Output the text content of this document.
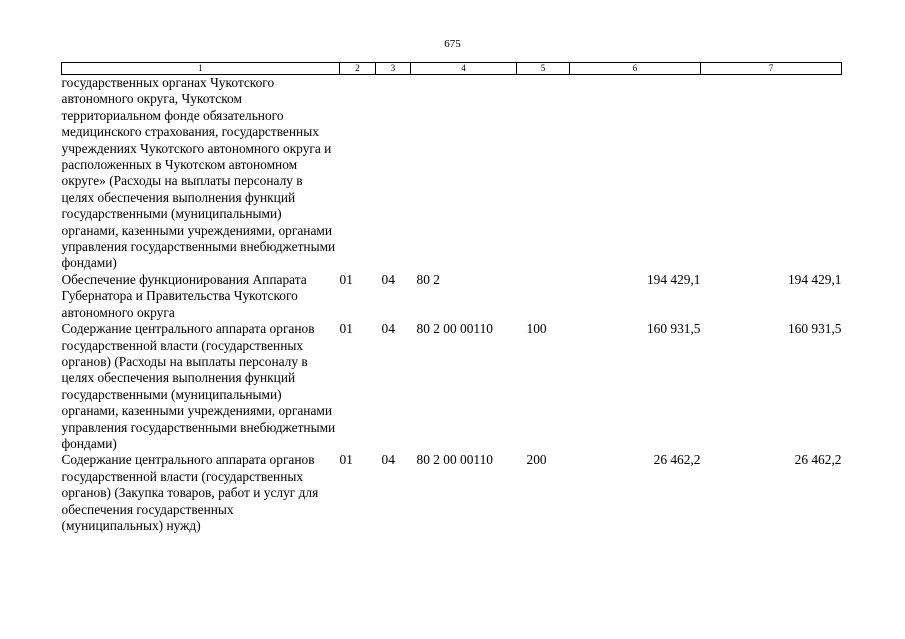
675
1	2	3	4	5	6	7
государственных органах Чукотского автономного округа, Чукотском территориальном фонде обязательного медицинского страхования, государственных учреждениях Чукотского автономного округа и расположенных в Чукотском автономном округе» (Расходы на выплаты персоналу в целях обеспечения выполнения функций государственными (муниципальными) органами, казенными учреждениями, органами управления государственными внебюджетными фондами)						
Обеспечение функционирования Аппарата Губернатора и Правительства Чукотского автономного округа	01	04	80 2		194 429,1	194 429,1
Содержание центрального аппарата органов государственной власти (государственных органов) (Расходы на выплаты персоналу в целях обеспечения выполнения функций государственными (муниципальными) органами, казенными учреждениями, органами управления государственными внебюджетными фондами)	01	04	80 2 00 00110	100	160 931,5	160 931,5
Содержание центрального аппарата органов государственной власти (государственных органов) (Закупка товаров, работ и услуг для обеспечения государственных (муниципальных) нужд)	01	04	80 2 00 00110	200	26 462,2	26 462,2
